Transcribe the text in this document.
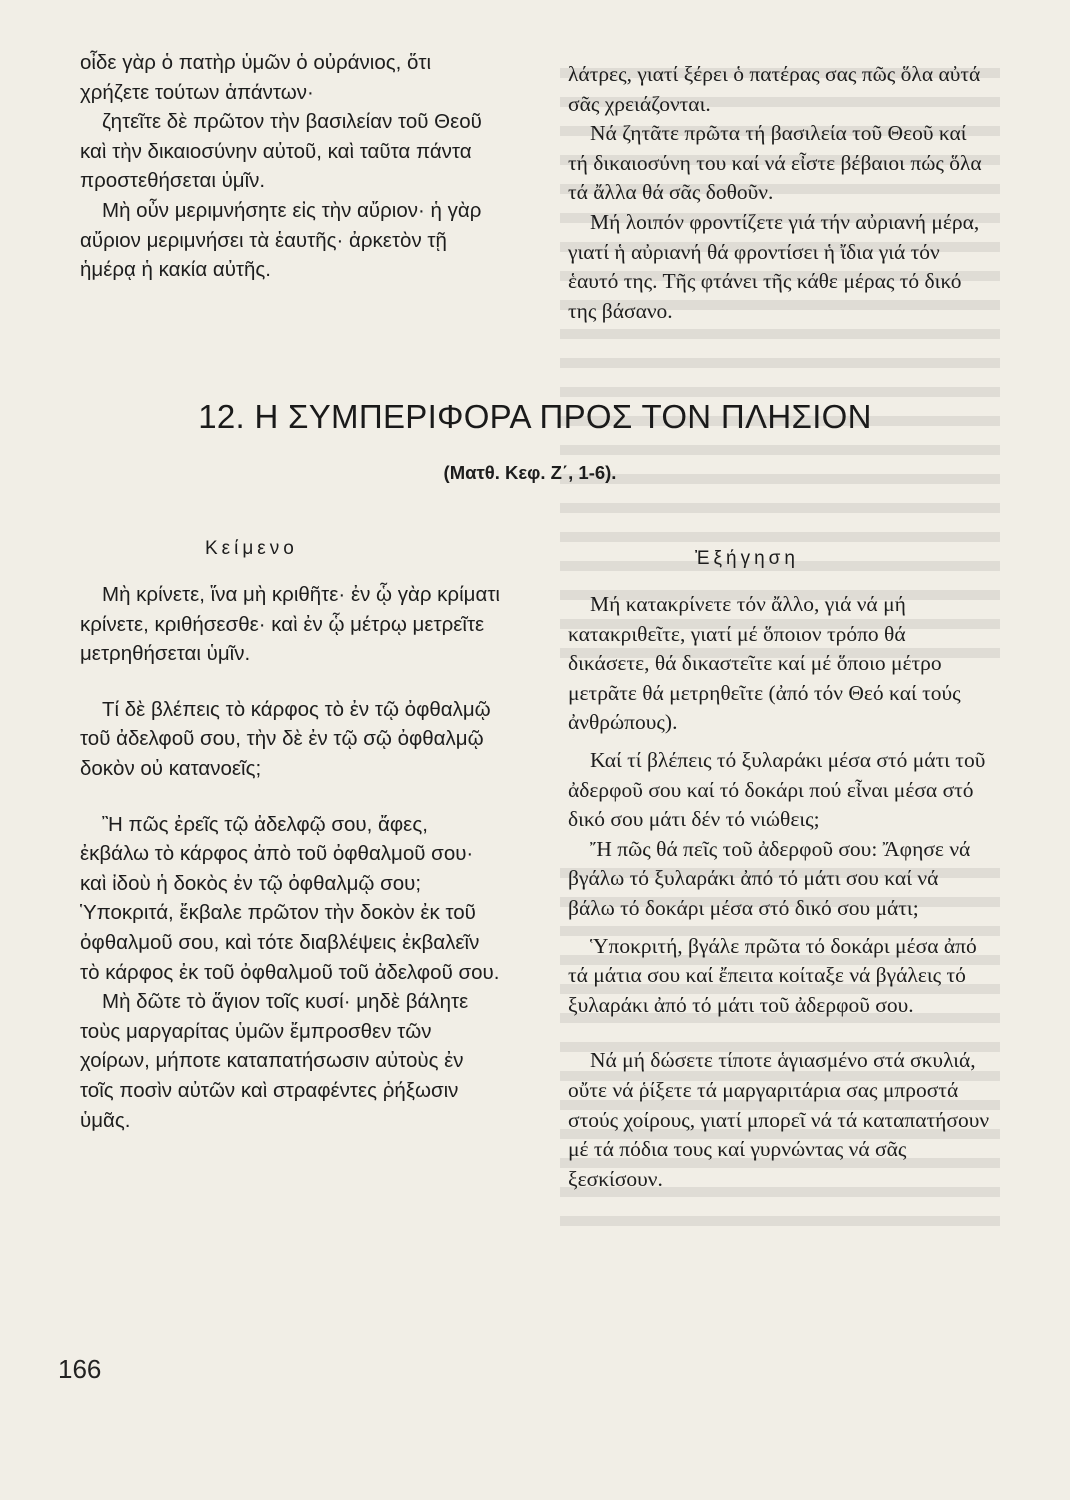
οἶδε γὰρ ὁ πατὴρ ὑμῶν ὁ οὐράνιος, ὅτι χρήζετε τούτων ἁπάντων·

ζητεῖτε δὲ πρῶτον τὴν βασιλείαν τοῦ Θεοῦ καὶ τὴν δικαιοσύνην αὐτοῦ, καὶ ταῦτα πάντα προστεθήσεται ὑμῖν.

Μὴ οὖν μεριμνήσητε εἰς τὴν αὔριον· ἡ γὰρ αὔριον μεριμνήσει τὰ ἑαυτῆς· ἀρκετὸν τῇ ἡμέρᾳ ἡ κακία αὐτῆς.

λάτρες, γιατί ξέρει ὁ πατέρας σας πῶς ὅλα αὐτά σᾶς χρειάζονται.

Νά ζητᾶτε πρῶτα τή βασιλεία τοῦ Θεοῦ καί τή δικαιοσύνη του καί νά εἶστε βέβαιοι πώς ὅλα τά ἄλλα θά σᾶς δοθοῦν.

Μή λοιπόν φροντίζετε γιά τήν αὐριανή μέρα, γιατί ἡ αὐριανή θά φροντίσει ἡ ἴδια γιά τόν ἑαυτό της. Τῆς φτάνει τῆς κάθε μέρας τό δικό της βάσανο.

12. Η ΣΥΜΠΕΡΙΦΟΡΑ ΠΡΟΣ ΤΟΝ ΠΛΗΣΙΟΝ
(Ματθ. Κεφ. Ζ΄, 1-6).
Κείμενο	Ἐξήγηση

Μὴ κρίνετε, ἵνα μὴ κριθῆτε· ἐν ᾧ γὰρ κρίματι κρίνετε, κριθήσεσθε· καὶ ἐν ᾧ μέτρῳ μετρεῖτε μετρηθήσεται ὑμῖν.

Τί δὲ βλέπεις τὸ κάρφος τὸ ἐν τῷ ὀφθαλμῷ τοῦ ἀδελφοῦ σου, τὴν δὲ ἐν τῷ σῷ ὀφθαλμῷ δοκὸν οὐ κατανοεῖς;

Ἢ πῶς ἐρεῖς τῷ ἀδελφῷ σου, ἄφες, ἐκβάλω τὸ κάρφος ἀπὸ τοῦ ὀφθαλμοῦ σου· καὶ ἰδοὺ ἡ δοκὸς ἐν τῷ ὀφθαλμῷ σου; Ὑποκριτά, ἔκβαλε πρῶτον τὴν δοκὸν ἐκ τοῦ ὀφθαλμοῦ σου, καὶ τότε διαβλέψεις ἐκβαλεῖν τὸ κάρφος ἐκ τοῦ ὀφθαλμοῦ τοῦ ἀδελφοῦ σου.

Μὴ δῶτε τὸ ἅγιον τοῖς κυσί· μηδὲ βάλητε τοὺς μαργαρίτας ὑμῶν ἔμπροσθεν τῶν χοίρων, μήποτε καταπατήσωσιν αὐτοὺς ἐν τοῖς ποσὶν αὐτῶν καὶ στραφέντες ῥήξωσιν ὑμᾶς.

Μή κατακρίνετε τόν ἄλλο, γιά νά μή κατακριθεῖτε, γιατί μέ ὅποιον τρόπο θά δικάσετε, θά δικαστεῖτε καί μέ ὅποιο μέτρο μετρᾶτε θά μετρηθεῖτε (ἀπό τόν Θεό καί τούς ἀνθρώπους).

Καί τί βλέπεις τό ξυλαράκι μέσα στό μάτι τοῦ ἀδερφοῦ σου καί τό δοκάρι πού εἶναι μέσα στό δικό σου μάτι δέν τό νιώθεις;

Ἤ πῶς θά πεῖς τοῦ ἀδερφοῦ σου: Ἄφησε νά βγάλω τό ξυλαράκι ἀπό τό μάτι σου καί νά βάλω τό δοκάρι μέσα στό δικό σου μάτι;

Ὑποκριτή, βγάλε πρῶτα τό δοκάρι μέσα ἀπό τά μάτια σου καί ἔπειτα κοίταξε νά βγάλεις τό ξυλαράκι ἀπό τό μάτι τοῦ ἀδερφοῦ σου.

Νά μή δώσετε τίποτε ἁγιασμένο στά σκυλιά, οὔτε νά ῥίξετε τά μαργαριτάρια σας μπροστά στούς χοίρους, γιατί μπορεῖ νά τά καταπατήσουν μέ τά πόδια τους καί γυρνώντας νά σᾶς ξεσκίσουν.

166
